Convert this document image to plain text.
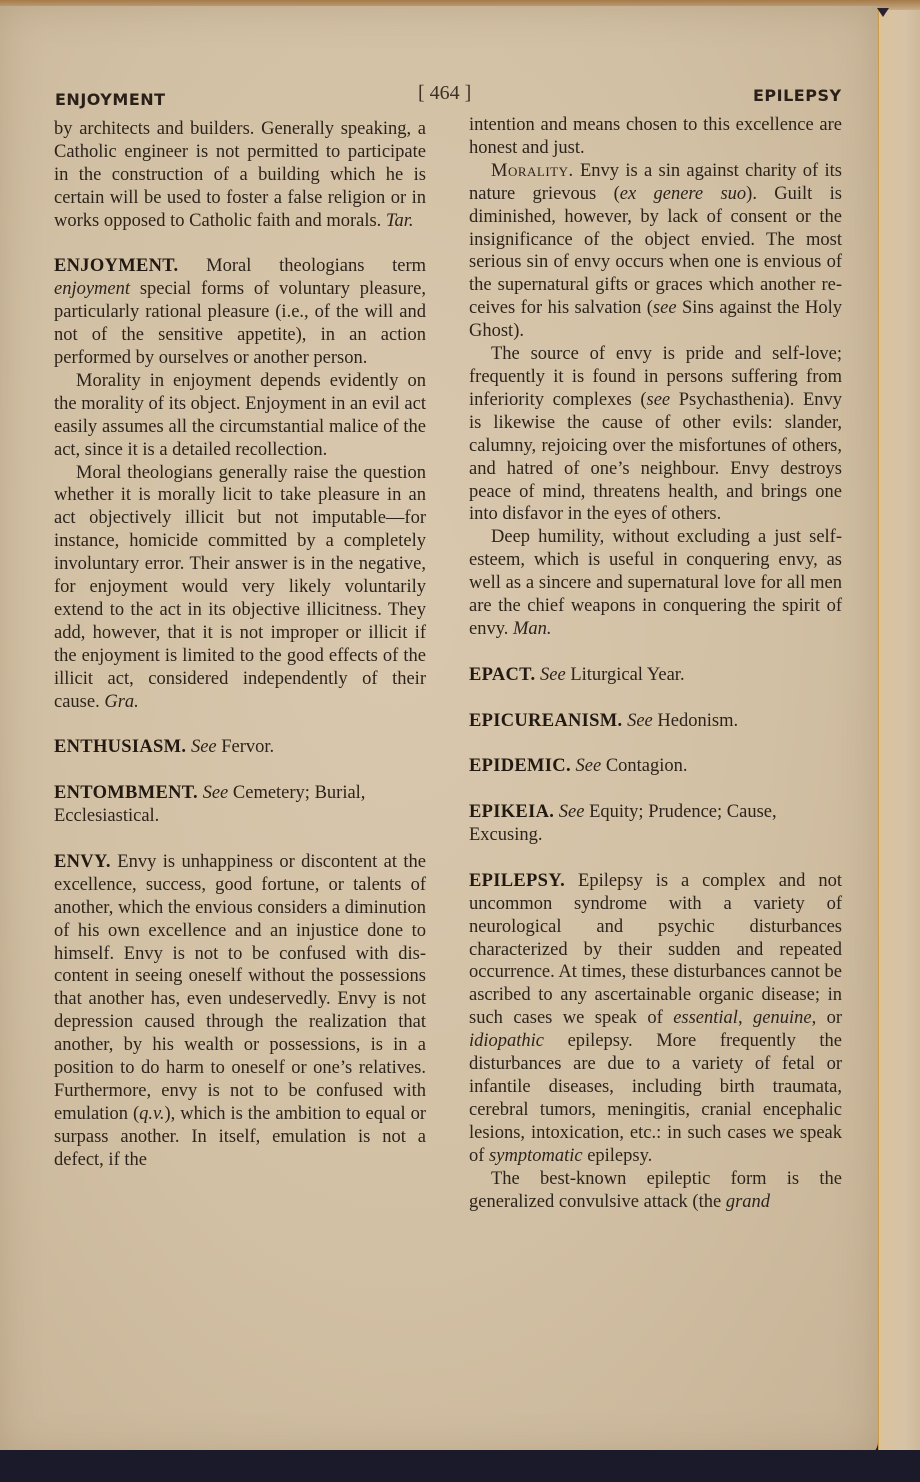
ENJOYMENT	[ 464 ]	EPILEPSY

by architects and builders. Generally speaking, a Catholic engineer is not permitted to participate in the construction of a building which he is certain will be used to foster a false religion or in works opposed to Catholic faith and morals. Tar.

ENJOYMENT. Moral theologians term enjoyment special forms of voluntary pleasure, particularly rational pleasure (i.e., of the will and not of the sensitive appetite), in an action performed by ourselves or another person.

Morality in enjoyment depends evidently on the morality of its object. Enjoyment in an evil act easily assumes all the circumstantial malice of the act, since it is a detailed recollection.

Moral theologians generally raise the question whether it is morally licit to take pleasure in an act objectively illicit but not imputable—for instance, homicide committed by a completely involuntary error. Their answer is in the negative, for enjoyment would very likely voluntarily extend to the act in its objective illicitness. They add, however, that it is not improper or illicit if the enjoyment is limited to the good effects of the illicit act, considered independently of their cause. Gra.

ENTHUSIASM. See Fervor.

ENTOMBMENT. See Cemetery; Burial, Ecclesiastical.

ENVY. Envy is unhappiness or discontent at the excellence, success, good fortune, or talents of another, which the envious considers a diminution of his own excellence and an injustice done to himself. Envy is not to be confused with discontent in seeing oneself without the possessions that another has, even undeservedly. Envy is not depression caused through the realization that another, by his wealth or possessions, is in a position to do harm to oneself or one’s relatives. Furthermore, envy is not to be confused with emulation (q.v.), which is the ambition to equal or surpass another. In itself, emulation is not a defect, if the

intention and means chosen to this excellence are honest and just.

Morality. Envy is a sin against charity of its nature grievous (ex genere suo). Guilt is diminished, however, by lack of consent or the insignificance of the object envied. The most serious sin of envy occurs when one is envious of the supernatural gifts or graces which another receives for his salvation (see Sins against the Holy Ghost).

The source of envy is pride and self-love; frequently it is found in persons suffering from inferiority complexes (see Psychasthenia). Envy is likewise the cause of other evils: slander, calumny, rejoicing over the misfortunes of others, and hatred of one’s neighbour. Envy destroys peace of mind, threatens health, and brings one into disfavor in the eyes of others.

Deep humility, without excluding a just self-esteem, which is useful in conquering envy, as well as a sincere and supernatural love for all men are the chief weapons in conquering the spirit of envy. Man.

EPACT. See Liturgical Year.

EPICUREANISM. See Hedonism.

EPIDEMIC. See Contagion.

EPIKEIA. See Equity; Prudence; Cause, Excusing.

EPILEPSY. Epilepsy is a complex and not uncommon syndrome with a variety of neurological and psychic disturbances characterized by their sudden and repeated occurrence. At times, these disturbances cannot be ascribed to any ascertainable organic disease; in such cases we speak of essential, genuine, or idiopathic epilepsy. More frequently the disturbances are due to a variety of fetal or infantile diseases, including birth traumata, cerebral tumors, meningitis, cranial encephalic lesions, intoxication, etc.: in such cases we speak of symptomatic epilepsy.

The best-known epileptic form is the generalized convulsive attack (the grand
